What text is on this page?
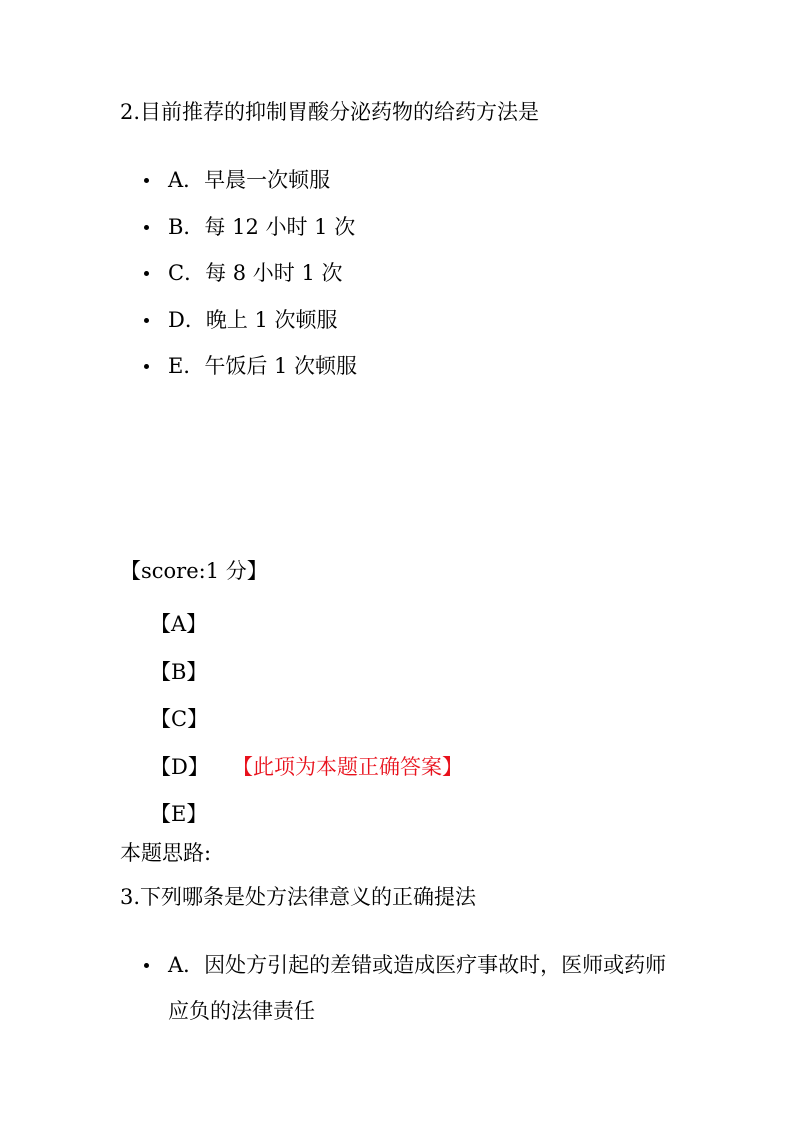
2.目前推荐的抑制胃酸分泌药物的给药方法是
A．早晨一次顿服
B．每 12 小时 1 次
C．每 8 小时 1 次
D．晚上 1 次顿服
E．午饭后 1 次顿服
【score:1 分】
【A】
【B】
【C】
【D】 【此项为本题正确答案】
【E】
本题思路:
3.下列哪条是处方法律意义的正确提法
A．因处方引起的差错或造成医疗事故时，医师或药师应负的法律责任
